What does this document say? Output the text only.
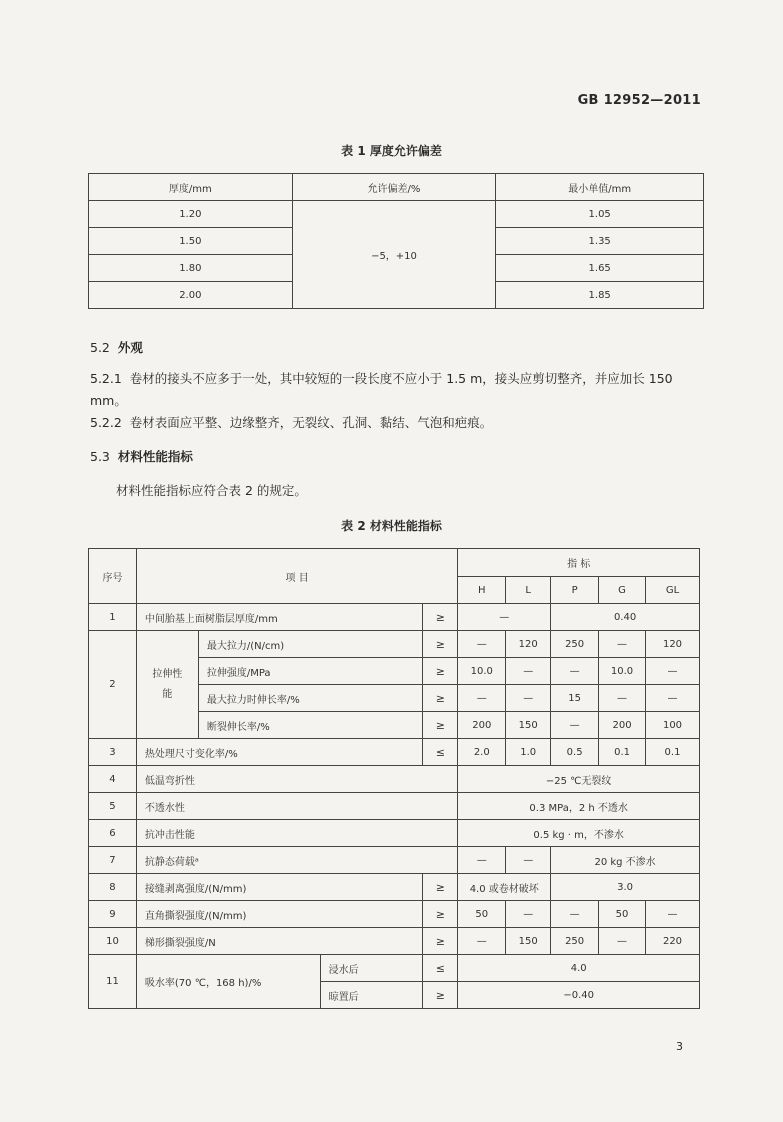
GB 12952—2011
表 1 厚度允许偏差
厚度/mm	允许偏差/%	最小单值/mm
1.20	−5，+10	1.05
1.50		1.35
1.80		1.65
2.00		1.85
5.2 外观
5.2.1 卷材的接头不应多于一处，其中较短的一段长度不应小于 1.5 m，接头应剪切整齐，并应加长 150 mm。
5.2.2 卷材表面应平整、边缘整齐，无裂纹、孔洞、黏结、气泡和疤痕。
5.3 材料性能指标
材料性能指标应符合表 2 的规定。
表 2 材料性能指标
序号	项 目				指 标				
					H	L	P	G	GL
1	中间胎基上面树脂层厚度/mm			≥	—		0.40		
2	拉伸性能	最大拉力/(N/cm)		≥	—	120	250	—	120
		拉伸强度/MPa		≥	10.0	—	—	10.0	—
		最大拉力时伸长率/%		≥	—	—	15	—	—
		断裂伸长率/%		≥	200	150	—	200	100
3	热处理尺寸变化率/%			≤	2.0	1.0	0.5	0.1	0.1
4	低温弯折性				−25 ℃无裂纹				
5	不透水性				0.3 MPa，2 h 不透水				
6	抗冲击性能				0.5 kg · m，不渗水				
7	抗静态荷载ᵃ				—	—	20 kg 不渗水		
8	接缝剥离强度/(N/mm)			≥	4.0 或卷材破坏		3.0		
9	直角撕裂强度/(N/mm)			≥	50	—	—	50	—
10	梯形撕裂强度/N			≥	—	150	250	—	220
11	吸水率(70 ℃，168 h)/%		浸水后	≤	4.0				
			晾置后	≥	−0.40				
3
